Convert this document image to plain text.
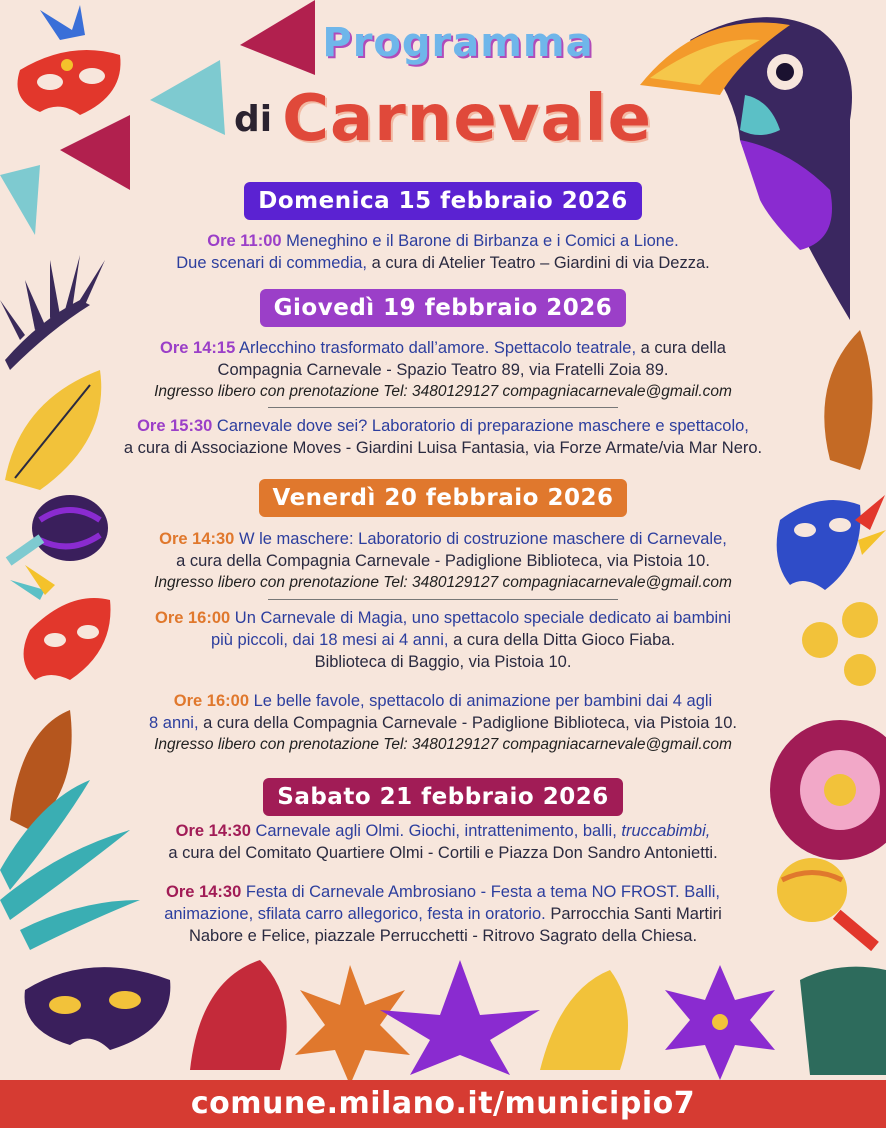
Programma
di Carnevale
Domenica 15 febbraio 2026
Ore 11:00 Meneghino e il Barone di Birbanza e i Comici a Lione.
Due scenari di commedia, a cura di Atelier Teatro – Giardini di via Dezza.
Giovedì 19 febbraio 2026
Ore 14:15 Arlecchino trasformato dall’amore. Spettacolo teatrale, a cura della
Compagnia Carnevale - Spazio Teatro 89, via Fratelli Zoia 89.
Ingresso libero con prenotazione Tel: 3480129127 compagniacarnevale@gmail.com
Ore 15:30 Carnevale dove sei? Laboratorio di preparazione maschere e spettacolo,
a cura di Associazione Moves - Giardini Luisa Fantasia, via Forze Armate/via Mar Nero.
Venerdì 20 febbraio 2026
Ore 14:30 W le maschere: Laboratorio di costruzione maschere di Carnevale,
a cura della Compagnia Carnevale - Padiglione Biblioteca, via Pistoia 10.
Ingresso libero con prenotazione Tel: 3480129127 compagniacarnevale@gmail.com
Ore 16:00 Un Carnevale di Magia, uno spettacolo speciale dedicato ai bambini
più piccoli, dai 18 mesi ai 4 anni, a cura della Ditta Gioco Fiaba.
Biblioteca di Baggio, via Pistoia 10.
Ore 16:00 Le belle favole, spettacolo di animazione per bambini dai 4 agli
8 anni, a cura della Compagnia Carnevale - Padiglione Biblioteca, via Pistoia 10.
Ingresso libero con prenotazione Tel: 3480129127 compagniacarnevale@gmail.com
Sabato 21 febbraio 2026
Ore 14:30 Carnevale agli Olmi. Giochi, intrattenimento, balli, truccabimbi,
a cura del Comitato Quartiere Olmi - Cortili e Piazza Don Sandro Antonietti.
Ore 14:30 Festa di Carnevale Ambrosiano - Festa a tema NO FROST. Balli,
animazione, sfilata carro allegorico, festa in oratorio. Parrocchia Santi Martiri
Nabore e Felice, piazzale Perrucchetti - Ritrovo Sagrato della Chiesa.
comune.milano.it/municipio7
